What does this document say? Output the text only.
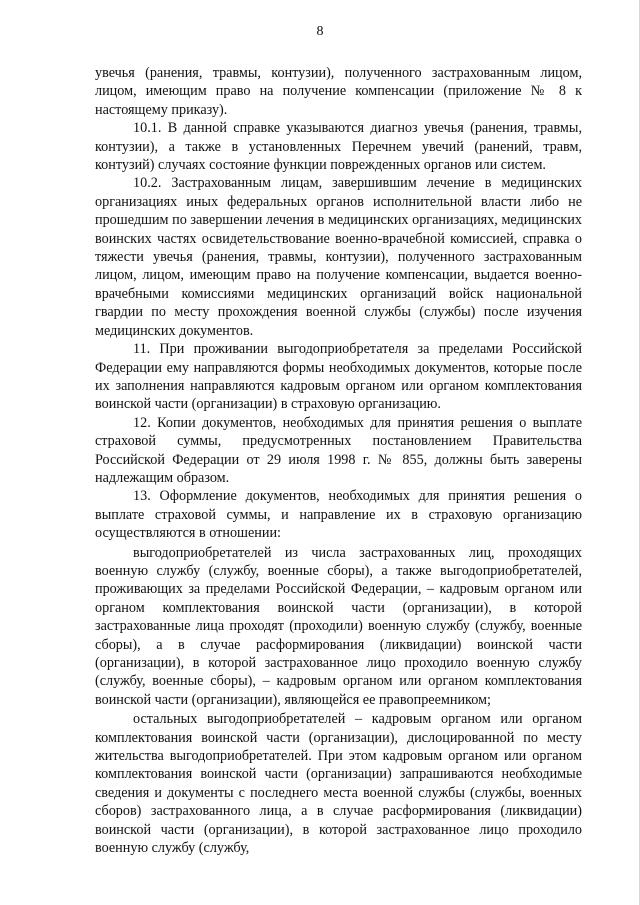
8

увечья (ранения, травмы, контузии), полученного застрахованным лицом, лицом, имеющим право на получение компенсации (приложение № 8 к настоящему приказу).

10.1. В данной справке указываются диагноз увечья (ранения, травмы, контузии), а также в установленных Перечнем увечий (ранений, травм, контузий) случаях состояние функции поврежденных органов или систем.

10.2. Застрахованным лицам, завершившим лечение в медицинских организациях иных федеральных органов исполнительной власти либо не прошедшим по завершении лечения в медицинских организациях, медицинских воинских частях освидетельствование военно-врачебной комиссией, справка о тяжести увечья (ранения, травмы, контузии), полученного застрахованным лицом, лицом, имеющим право на получение компенсации, выдается военно-врачебными комиссиями медицинских организаций войск национальной гвардии по месту прохождения военной службы (службы) после изучения медицинских документов.

11. При проживании выгодоприобретателя за пределами Российской Федерации ему направляются формы необходимых документов, которые после их заполнения направляются кадровым органом или органом комплектования воинской части (организации) в страховую организацию.

12. Копии документов, необходимых для принятия решения о выплате страховой суммы, предусмотренных постановлением Правительства Российской Федерации от 29 июля 1998 г. № 855, должны быть заверены надлежащим образом.

13. Оформление документов, необходимых для принятия решения о выплате страховой суммы, и направление их в страховую организацию осуществляются в отношении:

выгодоприобретателей из числа застрахованных лиц, проходящих военную службу (службу, военные сборы), а также выгодоприобретателей, проживающих за пределами Российской Федерации, – кадровым органом или органом комплектования воинской части (организации), в которой застрахованные лица проходят (проходили) военную службу (службу, военные сборы), а в случае расформирования (ликвидации) воинской части (организации), в которой застрахованное лицо проходило военную службу (службу, военные сборы), – кадровым органом или органом комплектования воинской части (организации), являющейся ее правопреемником;

остальных выгодоприобретателей – кадровым органом или органом комплектования воинской части (организации), дислоцированной по месту жительства выгодоприобретателей. При этом кадровым органом или органом комплектования воинской части (организации) запрашиваются необходимые сведения и документы с последнего места военной службы (службы, военных сборов) застрахованного лица, а в случае расформирования (ликвидации) воинской части (организации), в которой застрахованное лицо проходило военную службу (службу,
